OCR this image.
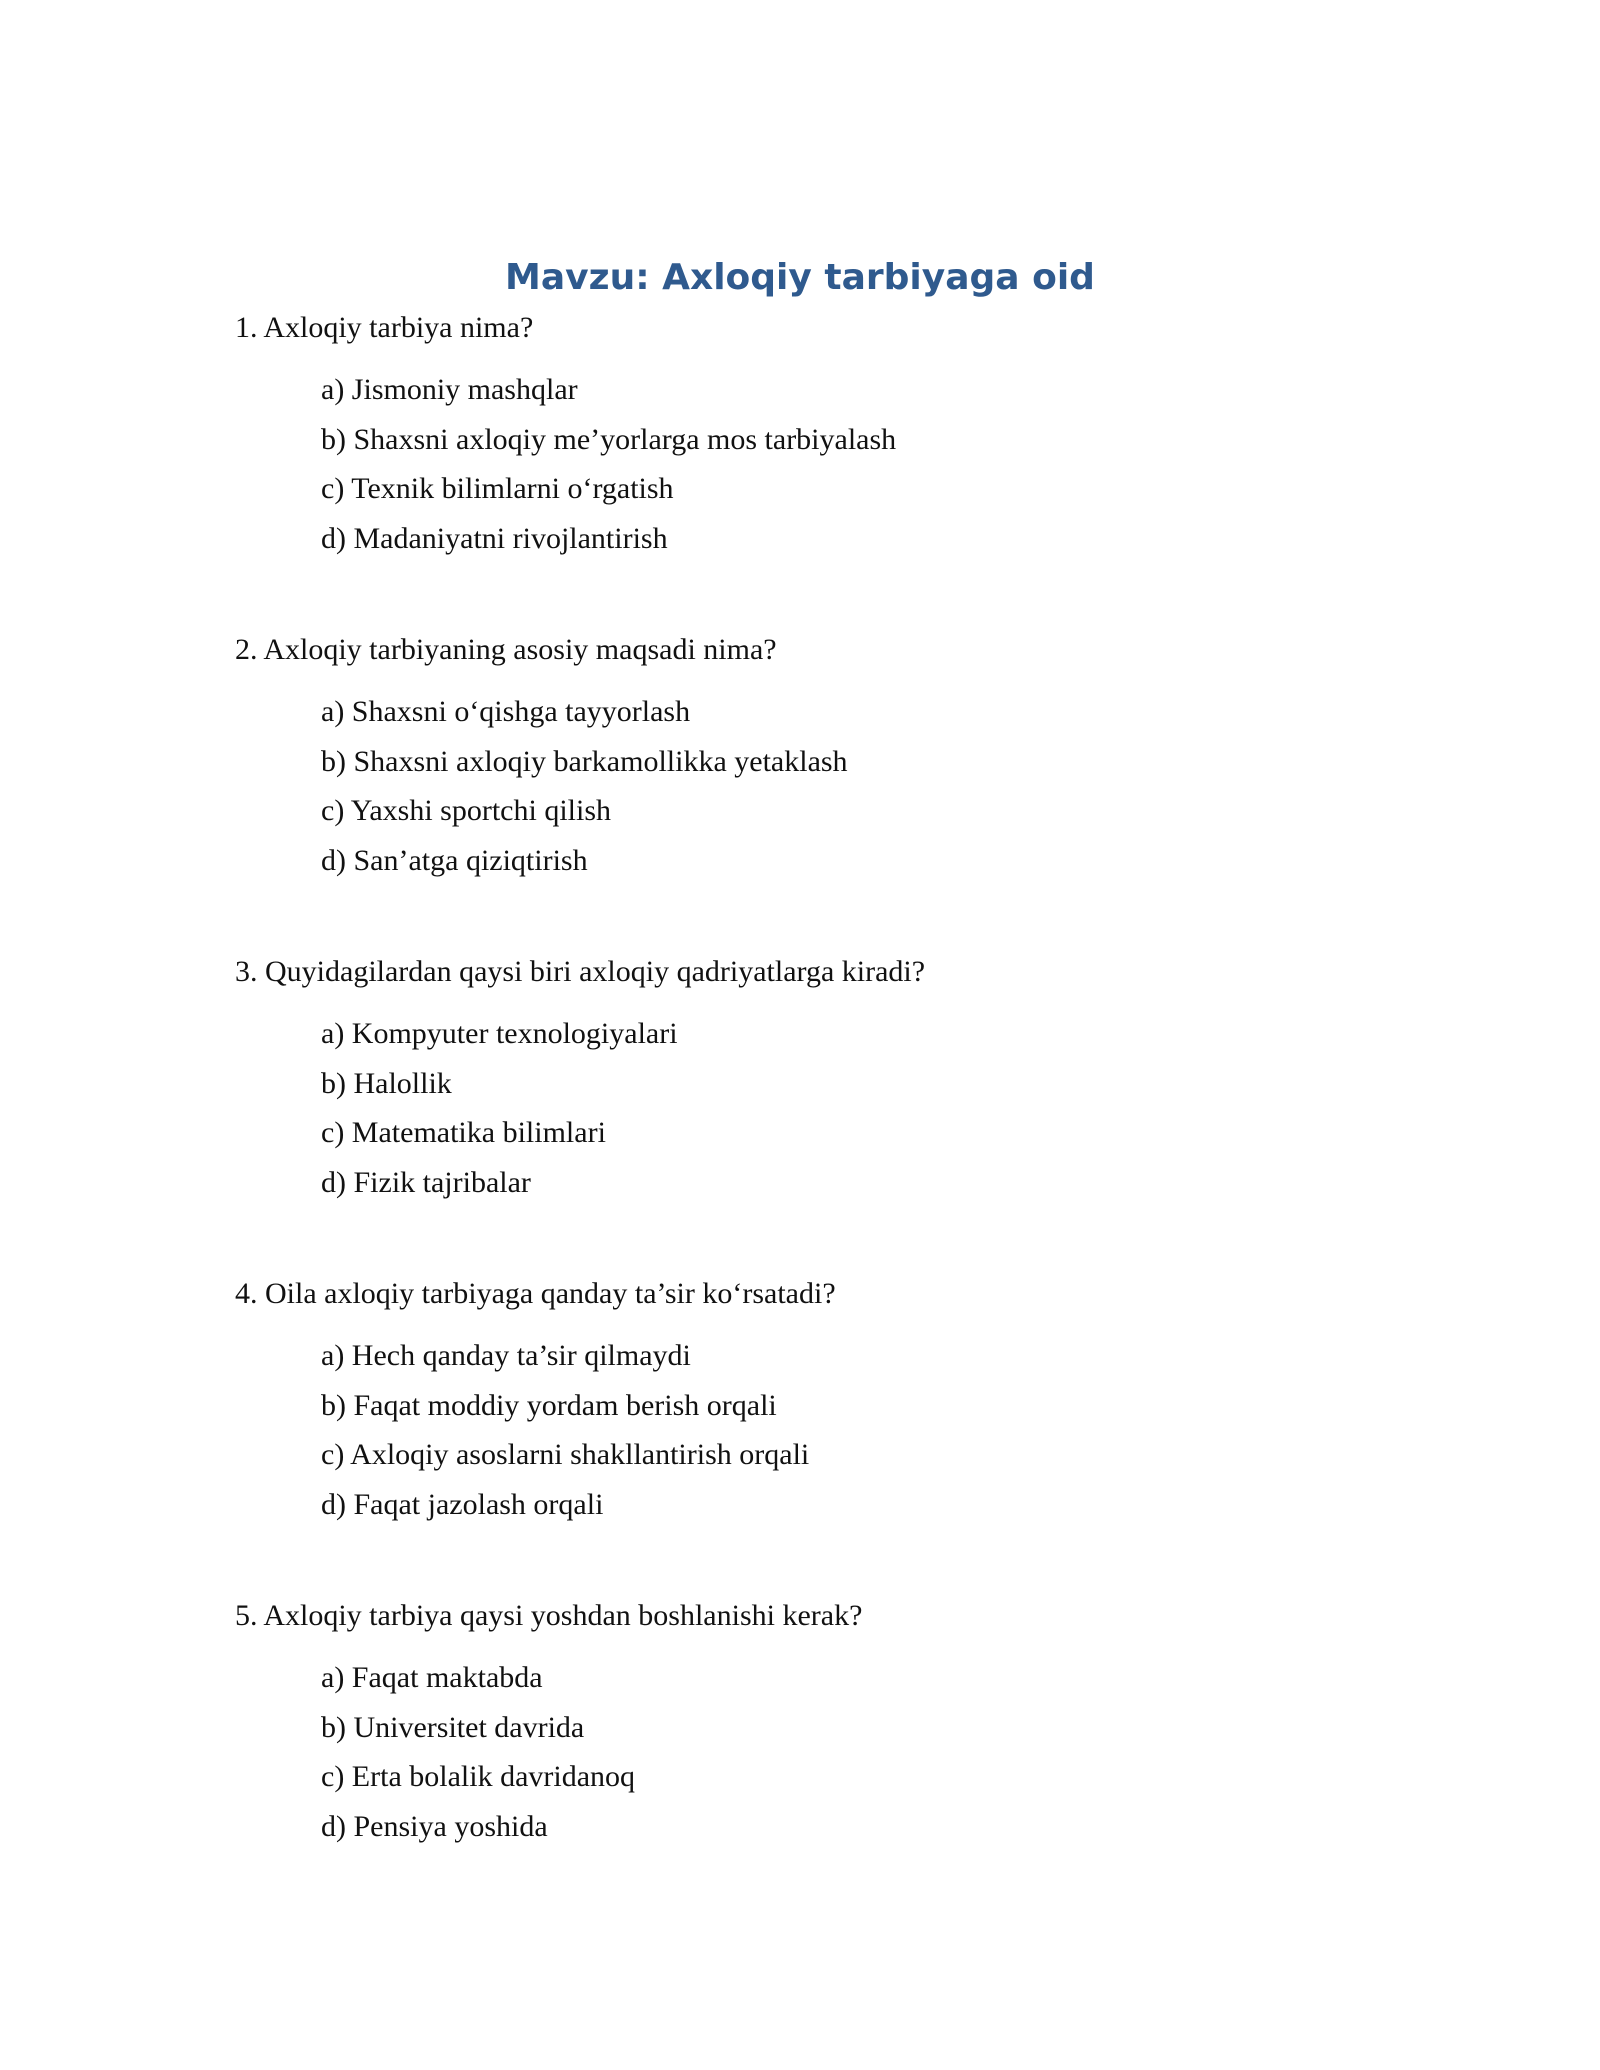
Mavzu: Axloqiy tarbiyaga oid

1. Axloqiy tarbiya nima?

a) Jismoniy mashqlar
b) Shaxsni axloqiy me’yorlarga mos tarbiyalash
c) Texnik bilimlarni o‘rgatish
d) Madaniyatni rivojlantirish

2. Axloqiy tarbiyaning asosiy maqsadi nima?

a) Shaxsni o‘qishga tayyorlash
b) Shaxsni axloqiy barkamollikka yetaklash
c) Yaxshi sportchi qilish
d) San’atga qiziqtirish

3. Quyidagilardan qaysi biri axloqiy qadriyatlarga kiradi?

a) Kompyuter texnologiyalari
b) Halollik
c) Matematika bilimlari
d) Fizik tajribalar

4. Oila axloqiy tarbiyaga qanday ta’sir ko‘rsatadi?

a) Hech qanday ta’sir qilmaydi
b) Faqat moddiy yordam berish orqali
c) Axloqiy asoslarni shakllantirish orqali
d) Faqat jazolash orqali

5. Axloqiy tarbiya qaysi yoshdan boshlanishi kerak?

a) Faqat maktabda
b) Universitet davrida
c) Erta bolalik davridanoq
d) Pensiya yoshida
